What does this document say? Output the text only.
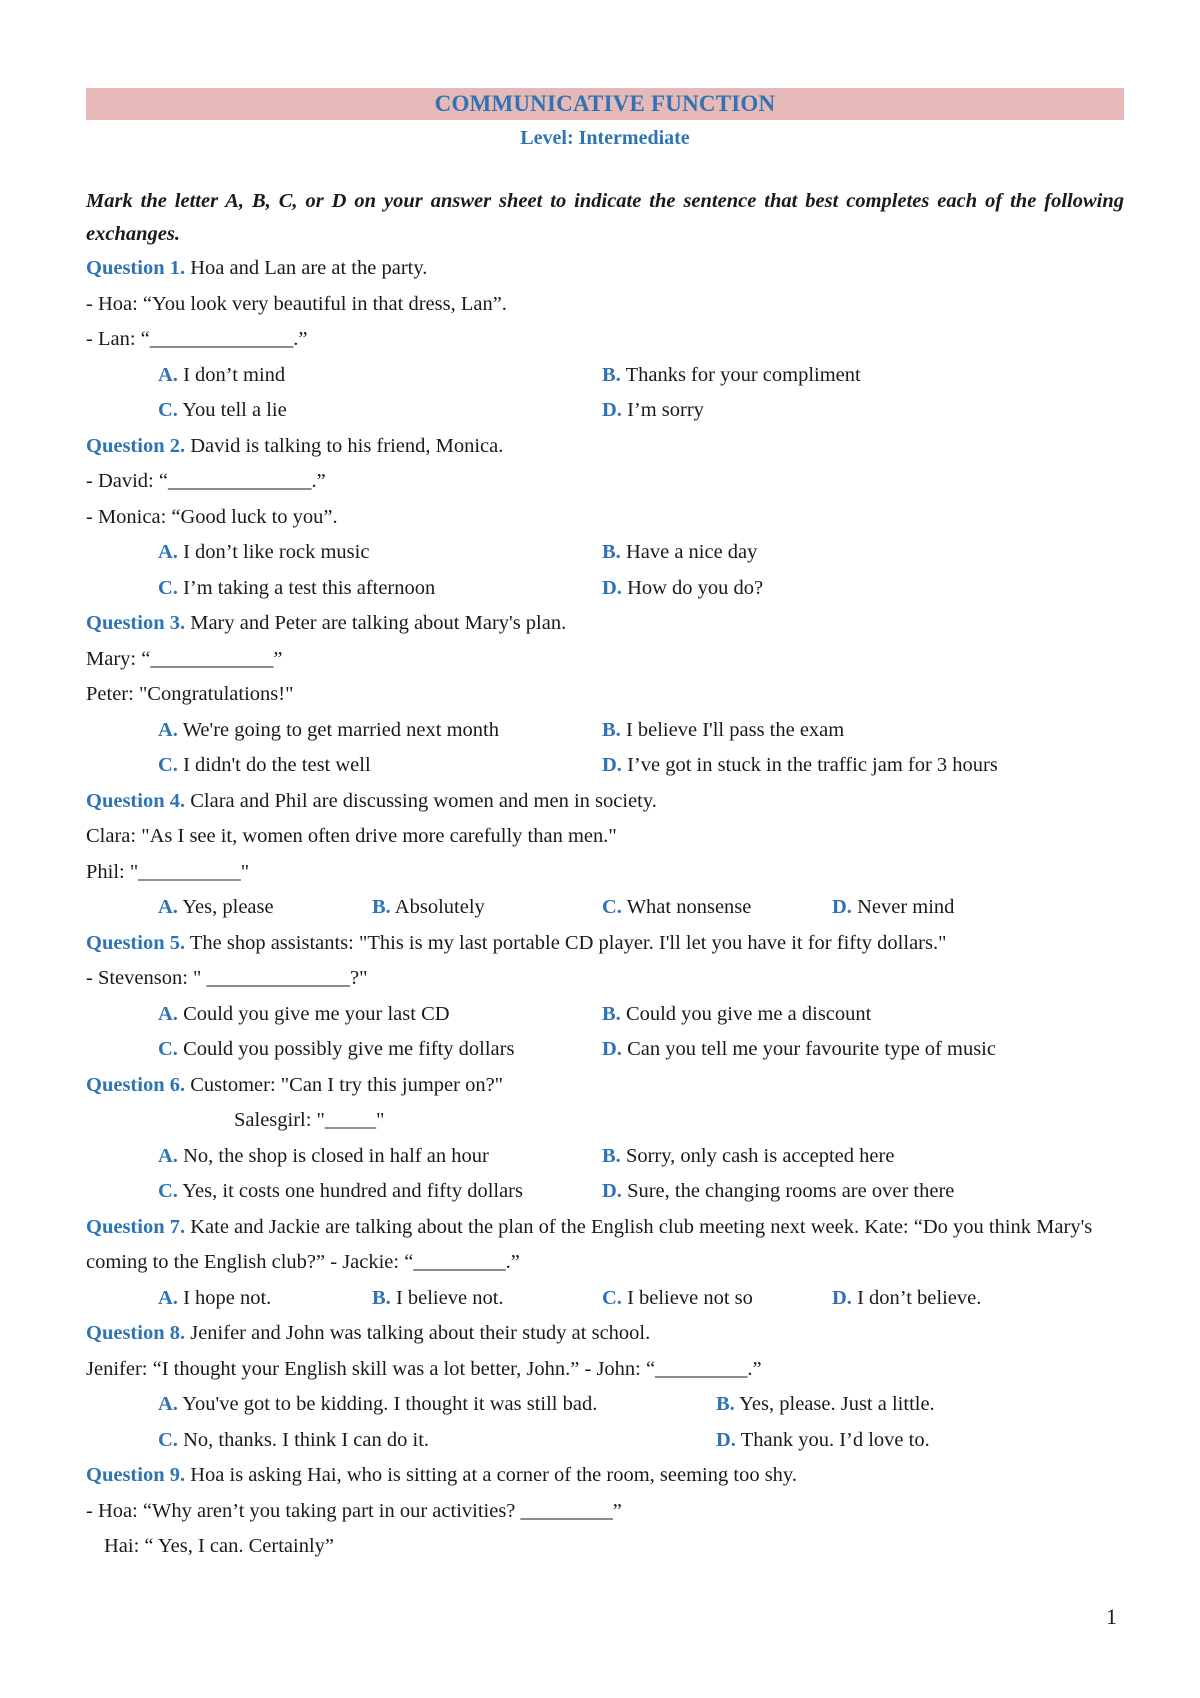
COMMUNICATIVE FUNCTION
Level: Intermediate
Mark the letter A, B, C, or D on your answer sheet to indicate the sentence that best completes each of the following exchanges.
Question 1. Hoa and Lan are at the party.
- Hoa: “You look very beautiful in that dress, Lan”.
- Lan: “______________.”
A. I don’t mind	B. Thanks for your compliment
C. You tell a lie	D. I’m sorry
Question 2. David is talking to his friend, Monica.
- David: “______________.”
- Monica: “Good luck to you”.
A. I don’t like rock music	B. Have a nice day
C. I’m taking a test this afternoon	D. How do you do?
Question 3. Mary and Peter are talking about Mary's plan.
Mary: “____________”
Peter: "Congratulations!"
A. We're going to get married next month	B. I believe I'll pass the exam
C. I didn't do the test well	D. I’ve got in stuck in the traffic jam for 3 hours
Question 4. Clara and Phil are discussing women and men in society.
Clara: "As I see it, women often drive more carefully than men."
Phil: "__________"
A. Yes, please	B. Absolutely	C. What nonsense	D. Never mind
Question 5. The shop assistants: "This is my last portable CD player. I'll let you have it for fifty dollars."
- Stevenson: " ______________?"
A. Could you give me your last CD	B. Could you give me a discount
C. Could you possibly give me fifty dollars	D. Can you tell me your favourite type of music
Question 6. Customer: "Can I try this jumper on?"
Salesgirl: "_____"
A. No, the shop is closed in half an hour	B. Sorry, only cash is accepted here
C. Yes, it costs one hundred and fifty dollars	D. Sure, the changing rooms are over there
Question 7. Kate and Jackie are talking about the plan of the English club meeting next week. Kate: “Do you think Mary's coming to the English club?” - Jackie: “_________.”
A. I hope not.	B. I believe not.	C. I believe not so	D. I don’t believe.
Question 8. Jenifer and John was talking about their study at school.
Jenifer: “I thought your English skill was a lot better, John.” - John: “_________.”
A. You've got to be kidding. I thought it was still bad.	B. Yes, please. Just a little.
C. No, thanks. I think I can do it.	D. Thank you. I’d love to.
Question 9. Hoa is asking Hai, who is sitting at a corner of the room, seeming too shy.
- Hoa: “Why aren’t you taking part in our activities? _________”
Hai: “ Yes, I can. Certainly”
1
